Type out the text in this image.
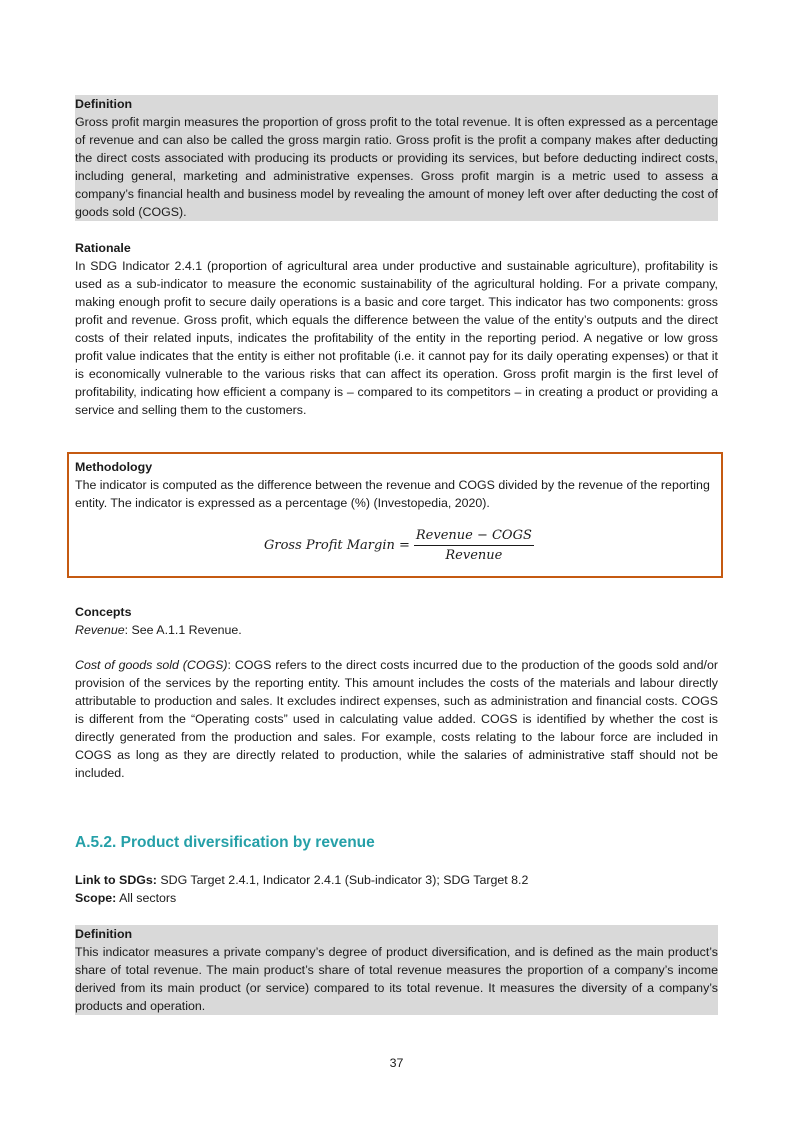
Definition
Gross profit margin measures the proportion of gross profit to the total revenue. It is often expressed as a percentage of revenue and can also be called the gross margin ratio. Gross profit is the profit a company makes after deducting the direct costs associated with producing its products or providing its services, but before deducting indirect costs, including general, marketing and administrative expenses. Gross profit margin is a metric used to assess a company’s financial health and business model by revealing the amount of money left over after deducting the cost of goods sold (COGS).
Rationale
In SDG Indicator 2.4.1 (proportion of agricultural area under productive and sustainable agriculture), profitability is used as a sub-indicator to measure the economic sustainability of the agricultural holding. For a private company, making enough profit to secure daily operations is a basic and core target. This indicator has two components: gross profit and revenue. Gross profit, which equals the difference between the value of the entity’s outputs and the direct costs of their related inputs, indicates the profitability of the entity in the reporting period. A negative or low gross profit value indicates that the entity is either not profitable (i.e. it cannot pay for its daily operating expenses) or that it is economically vulnerable to the various risks that can affect its operation. Gross profit margin is the first level of profitability, indicating how efficient a company is – compared to its competitors – in creating a product or providing a service and selling them to the customers.
Methodology
The indicator is computed as the difference between the revenue and COGS divided by the revenue of the reporting entity. The indicator is expressed as a percentage (%) (Investopedia, 2020).
Gross Profit Margin = $\frac{\text{Revenue − COGS}}{\text{Revenue}}$
Concepts
Revenue: See A.1.1 Revenue.
Cost of goods sold (COGS): COGS refers to the direct costs incurred due to the production of the goods sold and/or provision of the services by the reporting entity. This amount includes the costs of the materials and labour directly attributable to production and sales. It excludes indirect expenses, such as administration and financial costs. COGS is different from the “Operating costs” used in calculating value added. COGS is identified by whether the cost is directly generated from the production and sales. For example, costs relating to the labour force are included in COGS as long as they are directly related to production, while the salaries of administrative staff should not be included.
A.5.2. Product diversification by revenue
Link to SDGs: SDG Target 2.4.1, Indicator 2.4.1 (Sub-indicator 3); SDG Target 8.2
Scope: All sectors
Definition
This indicator measures a private company’s degree of product diversification, and is defined as the main product’s share of total revenue. The main product’s share of total revenue measures the proportion of a company’s income derived from its main product (or service) compared to its total revenue. It measures the diversity of a company’s products and operation.
37
